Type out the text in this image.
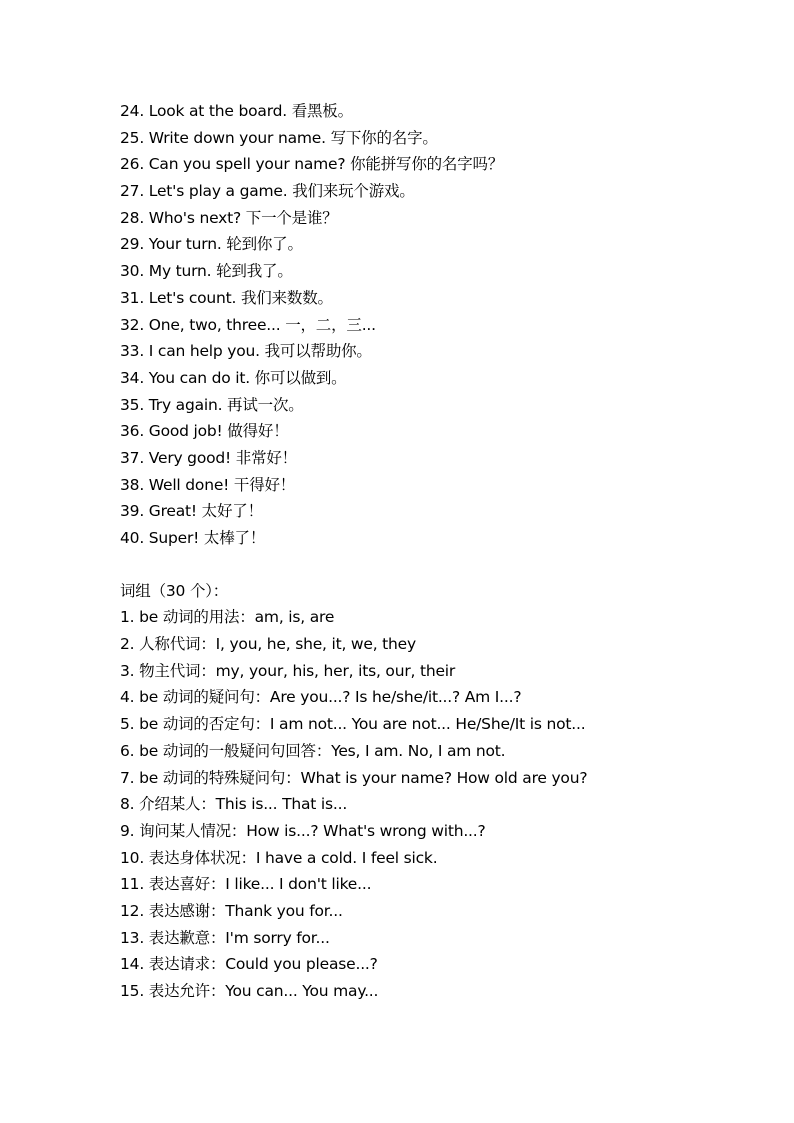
24. Look at the board. 看黑板。
25. Write down your name. 写下你的名字。
26. Can you spell your name? 你能拼写你的名字吗？
27. Let's play a game. 我们来玩个游戏。
28. Who's next? 下一个是谁？
29. Your turn. 轮到你了。
30. My turn. 轮到我了。
31. Let's count. 我们来数数。
32. One, two, three... 一，二，三...
33. I can help you. 我可以帮助你。
34. You can do it. 你可以做到。
35. Try again. 再试一次。
36. Good job! 做得好！
37. Very good! 非常好！
38. Well done! 干得好！
39. Great! 太好了！
40. Super! 太棒了！
词组（30 个）：
1. be 动词的用法：am, is, are
2. 人称代词：I, you, he, she, it, we, they
3. 物主代词：my, your, his, her, its, our, their
4. be 动词的疑问句：Are you...? Is he/she/it...? Am I...?
5. be 动词的否定句：I am not... You are not... He/She/It is not...
6. be 动词的一般疑问句回答：Yes, I am. No, I am not.
7. be 动词的特殊疑问句：What is your name? How old are you?
8. 介绍某人：This is... That is...
9. 询问某人情况：How is...? What's wrong with...?
10. 表达身体状况：I have a cold. I feel sick.
11. 表达喜好：I like... I don't like...
12. 表达感谢：Thank you for...
13. 表达歉意：I'm sorry for...
14. 表达请求：Could you please...?
15. 表达允许：You can... You may...
